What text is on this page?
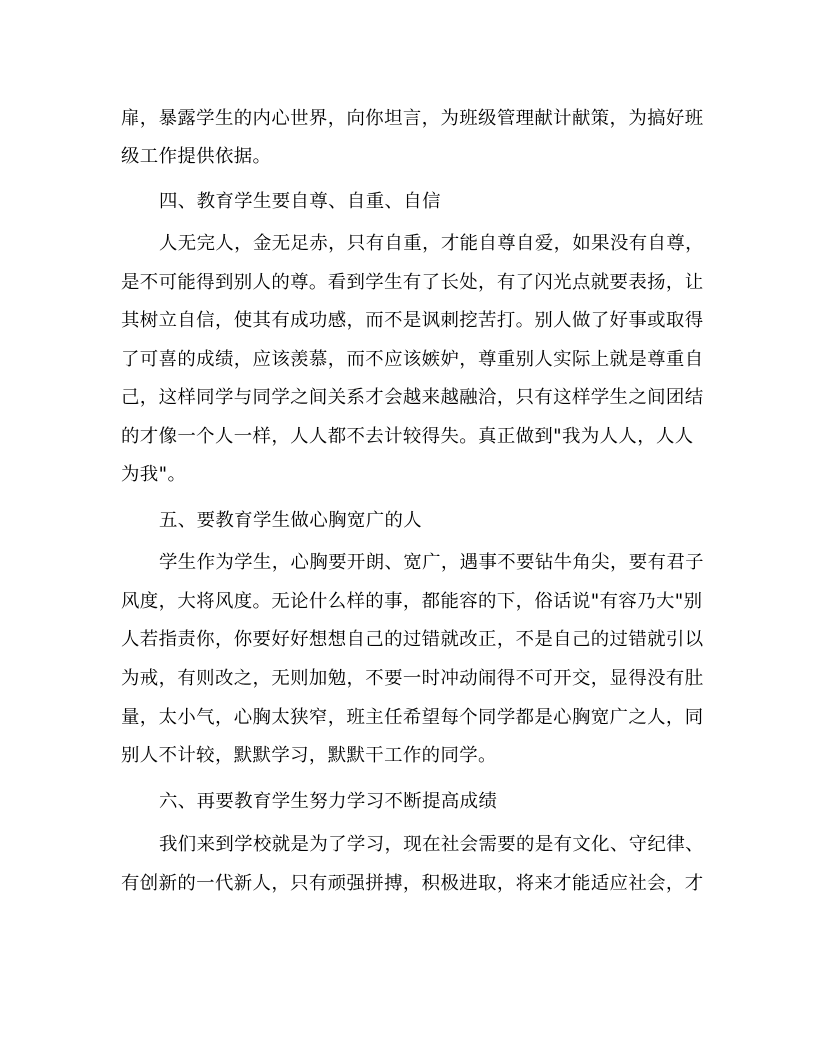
扉，暴露学生的内心世界，向你坦言，为班级管理献计献策，为搞好班

级工作提供依据。

四、教育学生要自尊、自重、自信

人无完人，金无足赤，只有自重，才能自尊自爱，如果没有自尊，

是不可能得到别人的尊。看到学生有了长处，有了闪光点就要表扬，让

其树立自信，使其有成功感，而不是讽刺挖苦打。别人做了好事或取得

了可喜的成绩，应该羡慕，而不应该嫉妒，尊重别人实际上就是尊重自

己，这样同学与同学之间关系才会越来越融洽，只有这样学生之间团结

的才像一个人一样，人人都不去计较得失。真正做到"我为人人，人人

为我"。

五、要教育学生做心胸宽广的人

学生作为学生，心胸要开朗、宽广，遇事不要钻牛角尖，要有君子

风度，大将风度。无论什么样的事，都能容的下，俗话说"有容乃大"别

人若指责你，你要好好想想自己的过错就改正，不是自己的过错就引以

为戒，有则改之，无则加勉，不要一时冲动闹得不可开交，显得没有肚

量，太小气，心胸太狭窄，班主任希望每个同学都是心胸宽广之人，同

别人不计较，默默学习，默默干工作的同学。

六、再要教育学生努力学习不断提高成绩

我们来到学校就是为了学习，现在社会需要的是有文化、守纪律、

有创新的一代新人，只有顽强拼搏，积极进取，将来才能适应社会，才
